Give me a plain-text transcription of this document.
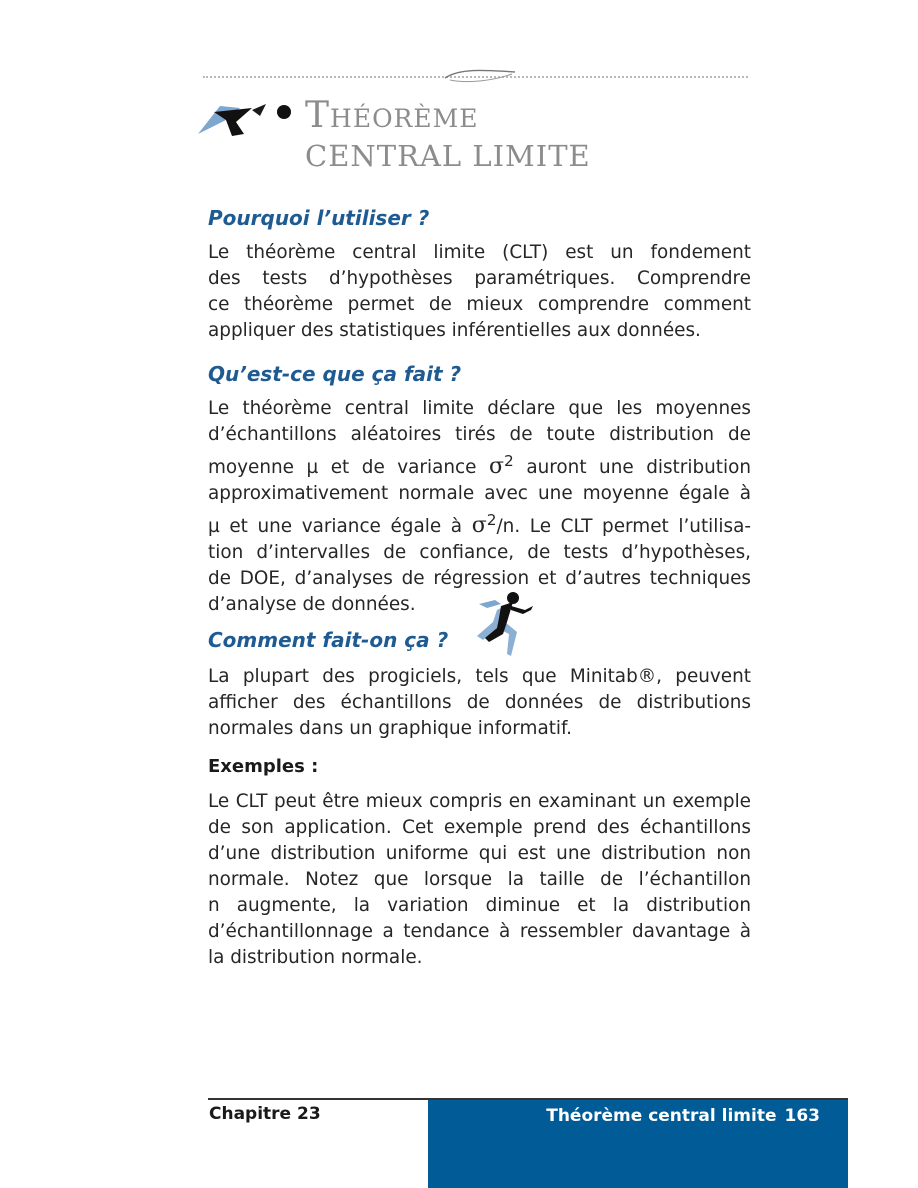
Théorème
CENTRAL LIMITE
Pourquoi l’utiliser ?
Le théorème central limite (CLT) est un fondement
des tests d’hypothèses paramétriques. Comprendre
ce théorème permet de mieux comprendre comment
appliquer des statistiques inférentielles aux données.
Qu’est-ce que ça fait ?
Le théorème central limite déclare que les moyennes
d’échantillons aléatoires tirés de toute distribution de
moyenne µ et de variance $\sigma^2$ auront une distribution
approximativement normale avec une moyenne égale à
µ et une variance égale à $\sigma^2/n$. Le CLT permet l’utilisa-
tion d’intervalles de confiance, de tests d’hypothèses,
de DOE, d’analyses de régression et d’autres techniques
d’analyse de données.
Comment fait-on ça ?
La plupart des progiciels, tels que Minitab®, peuvent
afficher des échantillons de données de distributions
normales dans un graphique informatif.
Exemples :
Le CLT peut être mieux compris en examinant un exemple
de son application. Cet exemple prend des échantillons
d’une distribution uniforme qui est une distribution non
normale. Notez que lorsque la taille de l’échantillon
n augmente, la variation diminue et la distribution
d’échantillonnage a tendance à ressembler davantage à
la distribution normale.
Chapitre 23	Théorème central limite 163
